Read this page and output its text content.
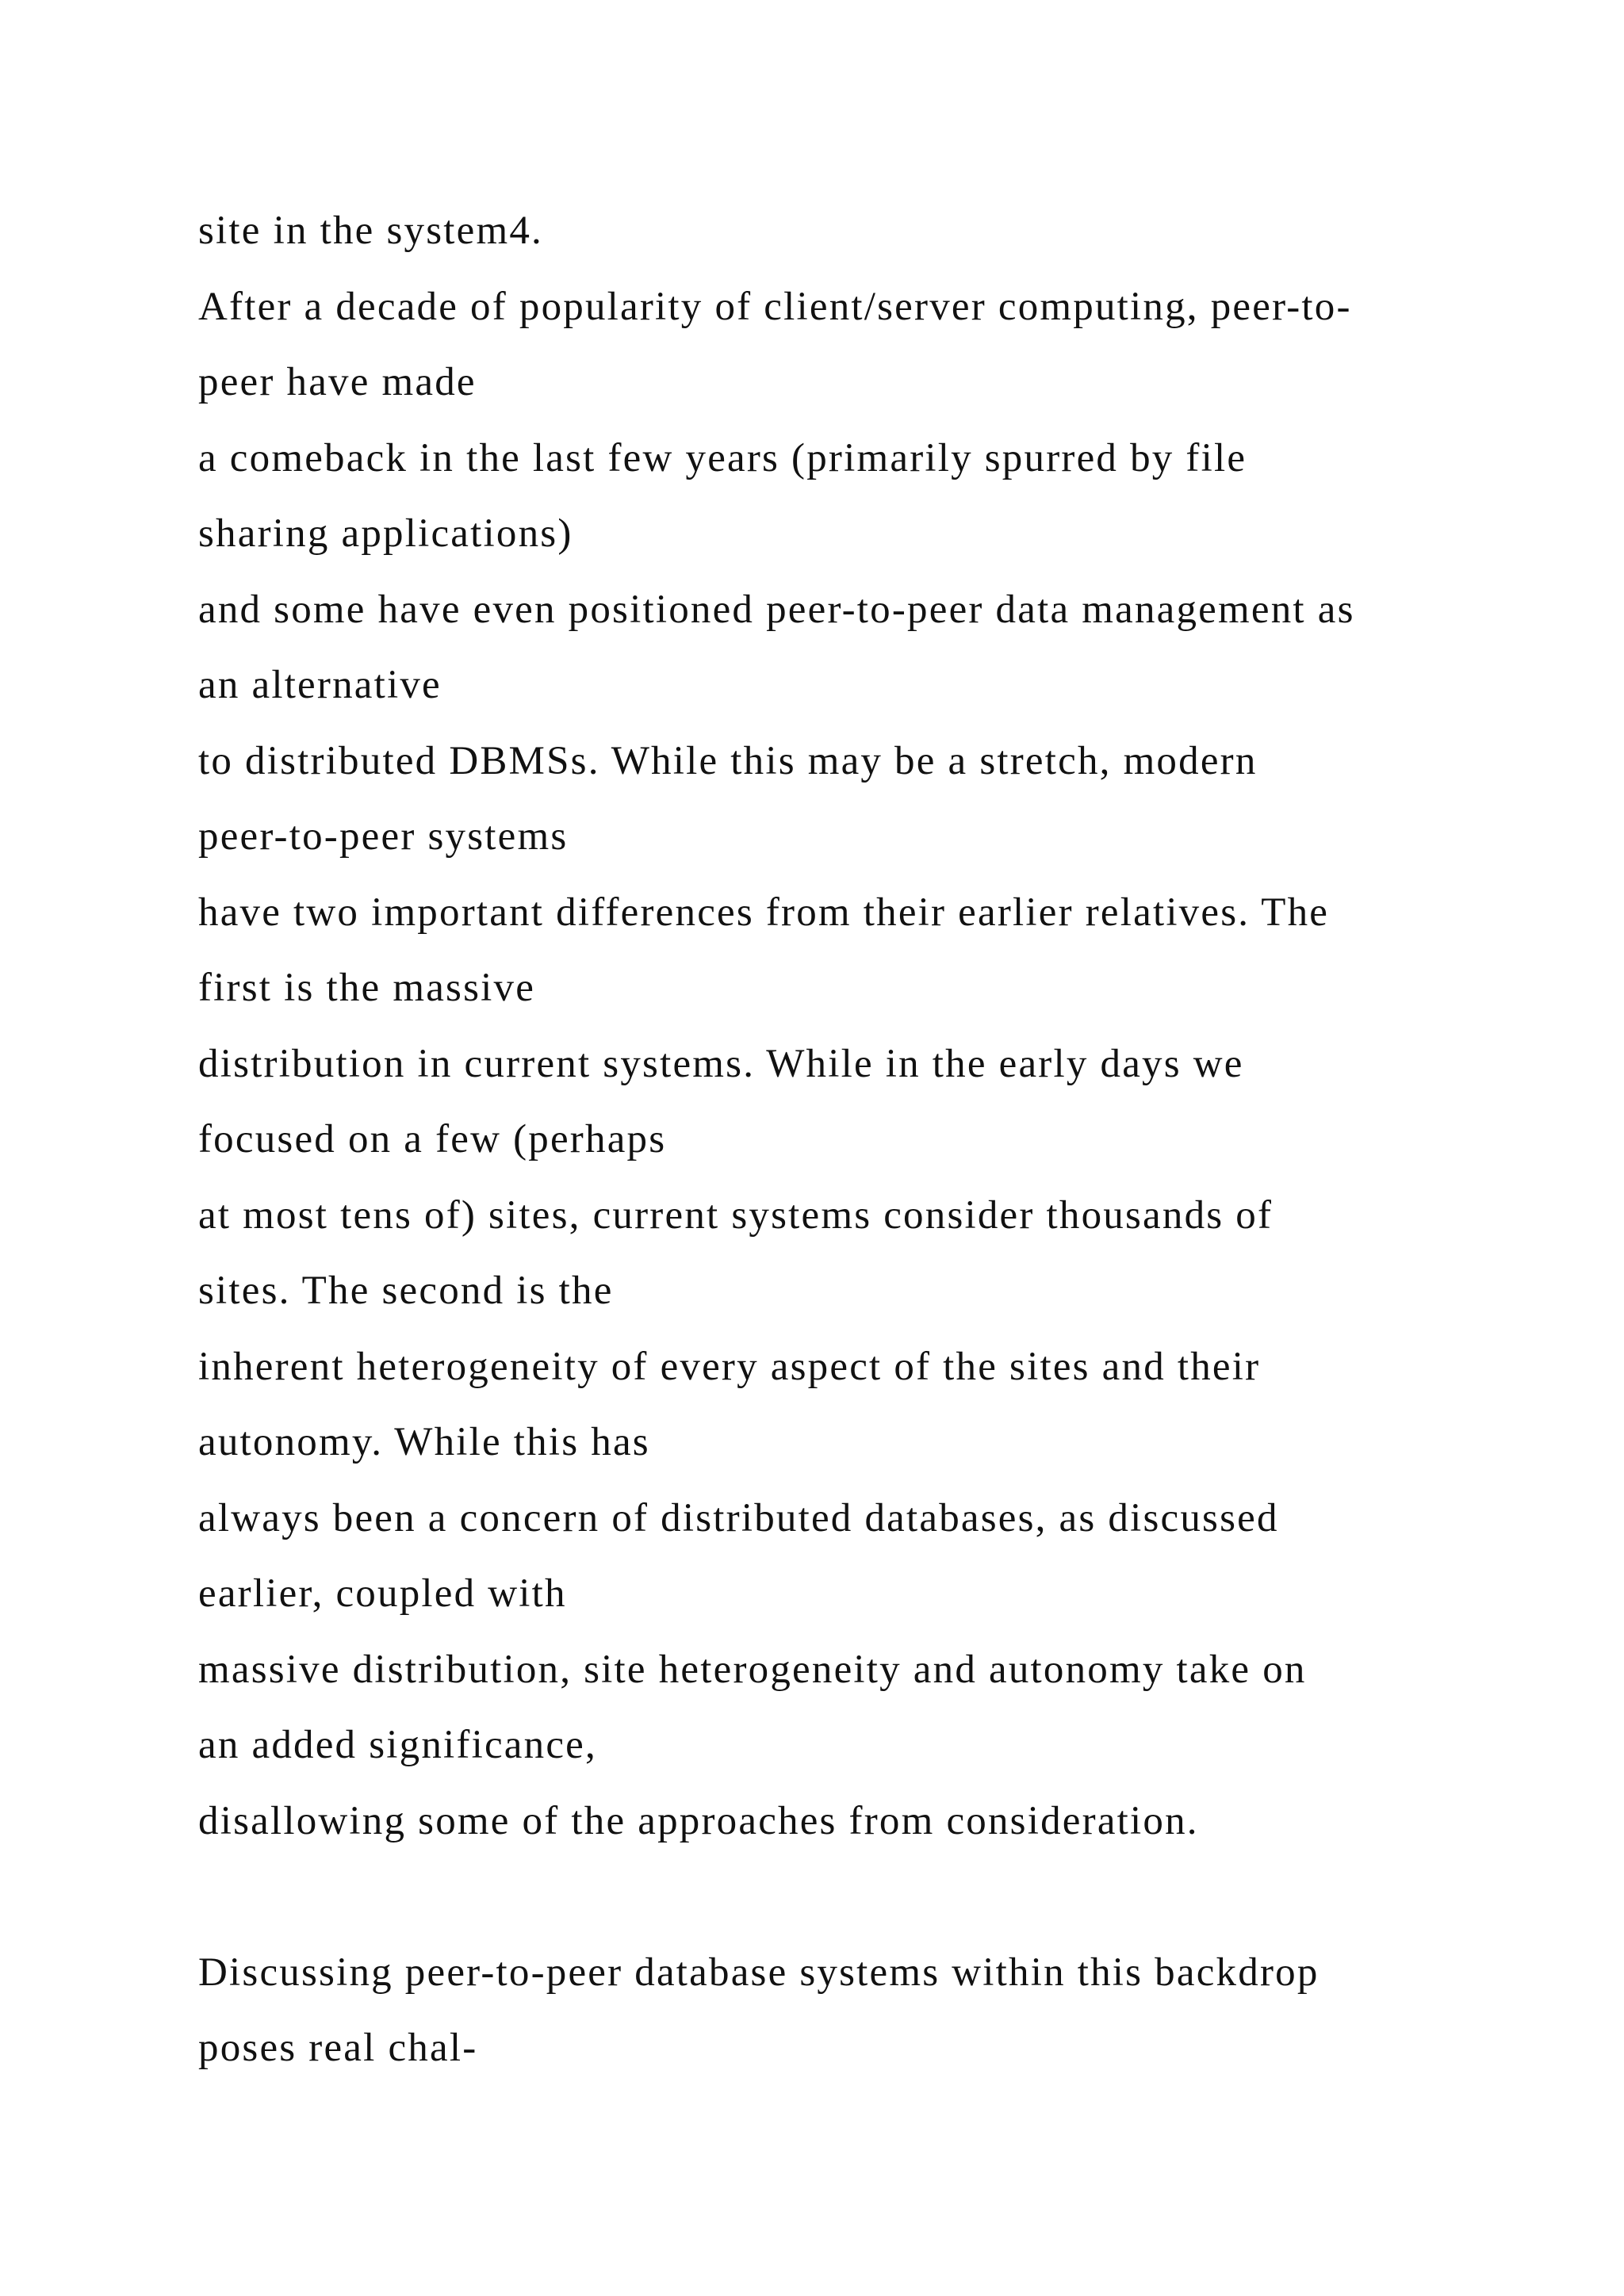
site in the system4.
After a decade of popularity of client/server computing, peer-to-
peer have made
a comeback in the last few years (primarily spurred by file
sharing applications)
and some have even positioned peer-to-peer data management as
an alternative
to distributed DBMSs. While this may be a stretch, modern
peer-to-peer systems
have two important differences from their earlier relatives. The
first is the massive
distribution in current systems. While in the early days we
focused on a few (perhaps
at most tens of) sites, current systems consider thousands of
sites. The second is the
inherent heterogeneity of every aspect of the sites and their
autonomy. While this has
always been a concern of distributed databases, as discussed
earlier, coupled with
massive distribution, site heterogeneity and autonomy take on
an added significance,
disallowing some of the approaches from consideration.
Discussing peer-to-peer database systems within this backdrop
poses real chal-
